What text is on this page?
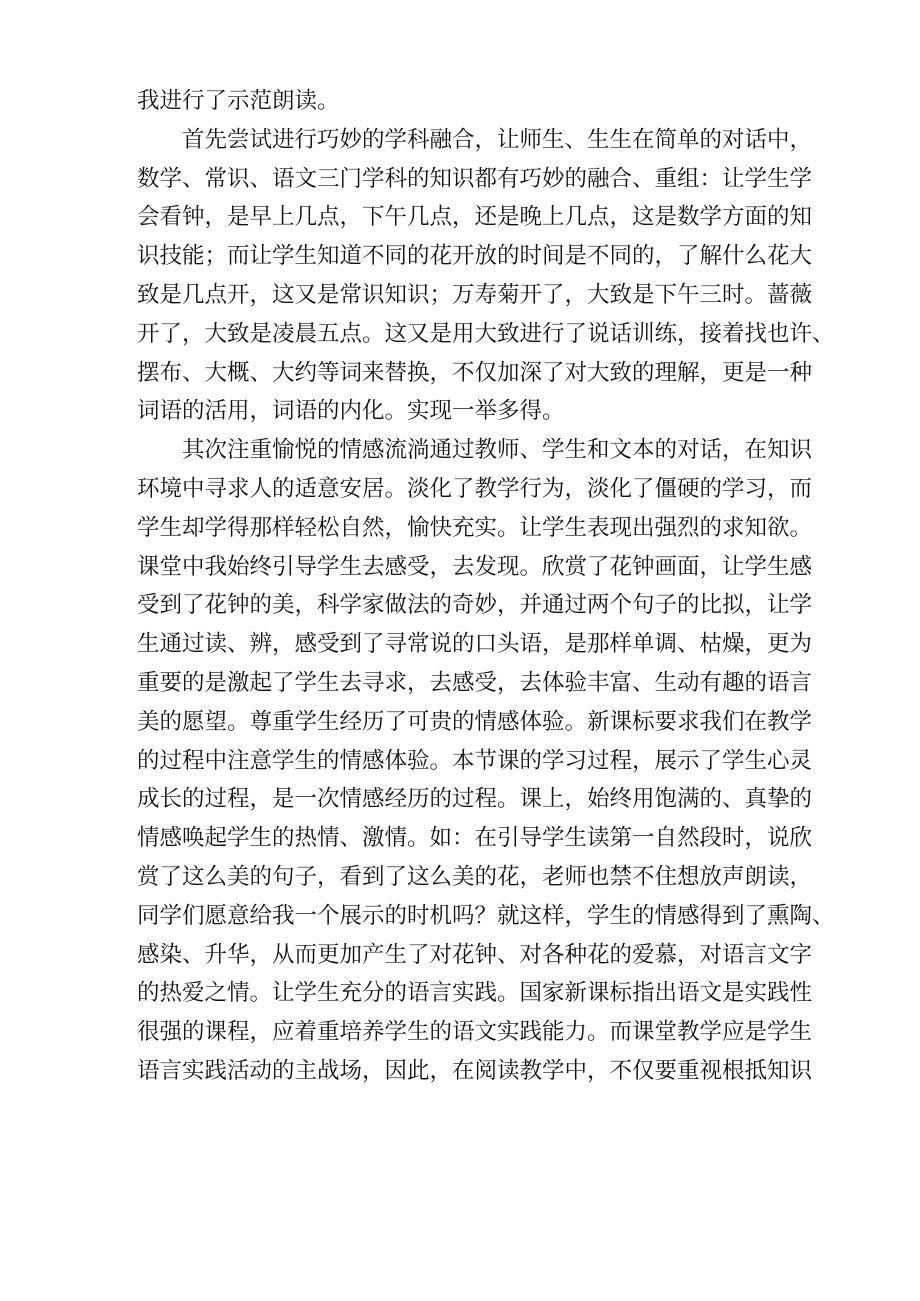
我进行了示范朗读。
首先尝试进行巧妙的学科融合，让师生、生生在简单的对话中，
数学、常识、语文三门学科的知识都有巧妙的融合、重组：让学生学
会看钟，是早上几点，下午几点，还是晚上几点，这是数学方面的知
识技能；而让学生知道不同的花开放的时间是不同的，了解什么花大
致是几点开，这又是常识知识；万寿菊开了，大致是下午三时。蔷薇
开了，大致是凌晨五点。这又是用大致进行了说话训练，接着找也许、
摆布、大概、大约等词来替换，不仅加深了对大致的理解，更是一种
词语的活用，词语的内化。实现一举多得。
其次注重愉悦的情感流淌通过教师、学生和文本的对话，在知识
环境中寻求人的适意安居。淡化了教学行为，淡化了僵硬的学习，而
学生却学得那样轻松自然，愉快充实。让学生表现出强烈的求知欲。
课堂中我始终引导学生去感受，去发现。欣赏了花钟画面，让学生感
受到了花钟的美，科学家做法的奇妙，并通过两个句子的比拟，让学
生通过读、辨，感受到了寻常说的口头语，是那样单调、枯燥，更为
重要的是激起了学生去寻求，去感受，去体验丰富、生动有趣的语言
美的愿望。尊重学生经历了可贵的情感体验。新课标要求我们在教学
的过程中注意学生的情感体验。本节课的学习过程，展示了学生心灵
成长的过程，是一次情感经历的过程。课上，始终用饱满的、真挚的
情感唤起学生的热情、激情。如：在引导学生读第一自然段时，说欣
赏了这么美的句子，看到了这么美的花，老师也禁不住想放声朗读，
同学们愿意给我一个展示的时机吗？就这样，学生的情感得到了熏陶、
感染、升华，从而更加产生了对花钟、对各种花的爱慕，对语言文字
的热爱之情。让学生充分的语言实践。国家新课标指出语文是实践性
很强的课程，应着重培养学生的语文实践能力。而课堂教学应是学生
语言实践活动的主战场，因此，在阅读教学中，不仅要重视根抵知识
